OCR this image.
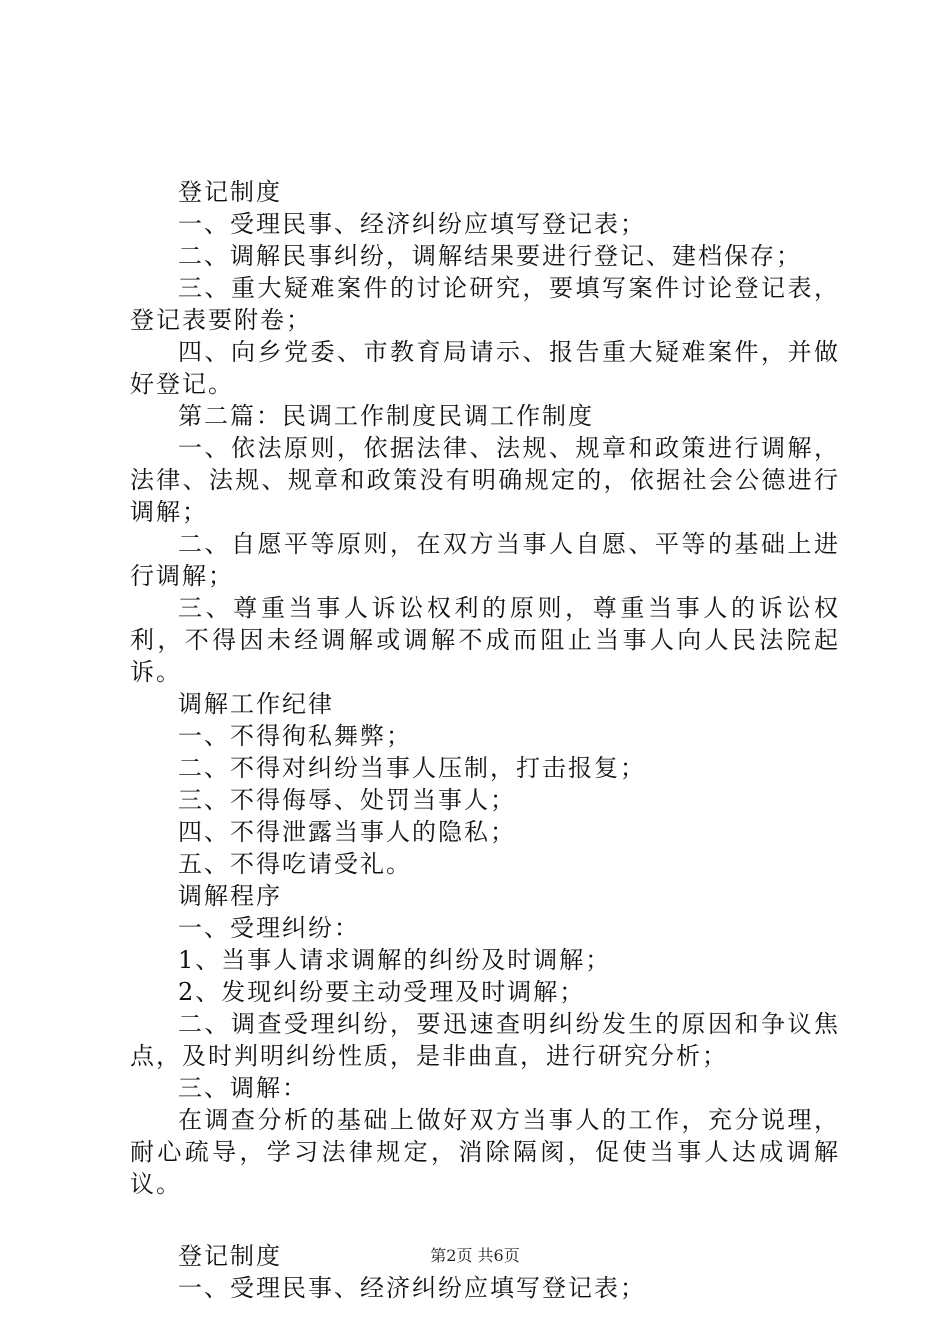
登记制度

一、受理民事、经济纠纷应填写登记表；

二、调解民事纠纷，调解结果要进行登记、建档保存；

三、重大疑难案件的讨论研究，要填写案件讨论登记表，登记表要附卷；

四、向乡党委、市教育局请示、报告重大疑难案件，并做好登记。

第二篇：民调工作制度民调工作制度

一、依法原则，依据法律、法规、规章和政策进行调解，法律、法规、规章和政策没有明确规定的，依据社会公德进行调解；

二、自愿平等原则，在双方当事人自愿、平等的基础上进行调解；

三、尊重当事人诉讼权利的原则，尊重当事人的诉讼权利，不得因未经调解或调解不成而阻止当事人向人民法院起诉。

调解工作纪律

一、不得徇私舞弊；

二、不得对纠纷当事人压制，打击报复；

三、不得侮辱、处罚当事人；

四、不得泄露当事人的隐私；

五、不得吃请受礼。

调解程序

一、受理纠纷：

1、当事人请求调解的纠纷及时调解；

2、发现纠纷要主动受理及时调解；

二、调查受理纠纷，要迅速查明纠纷发生的原因和争议焦点，及时判明纠纷性质，是非曲直，进行研究分析；

三、调解：

在调查分析的基础上做好双方当事人的工作，充分说理，耐心疏导，学习法律规定，消除隔阂，促使当事人达成调解议。

登记制度

一、受理民事、经济纠纷应填写登记表；

第2页 共6页
